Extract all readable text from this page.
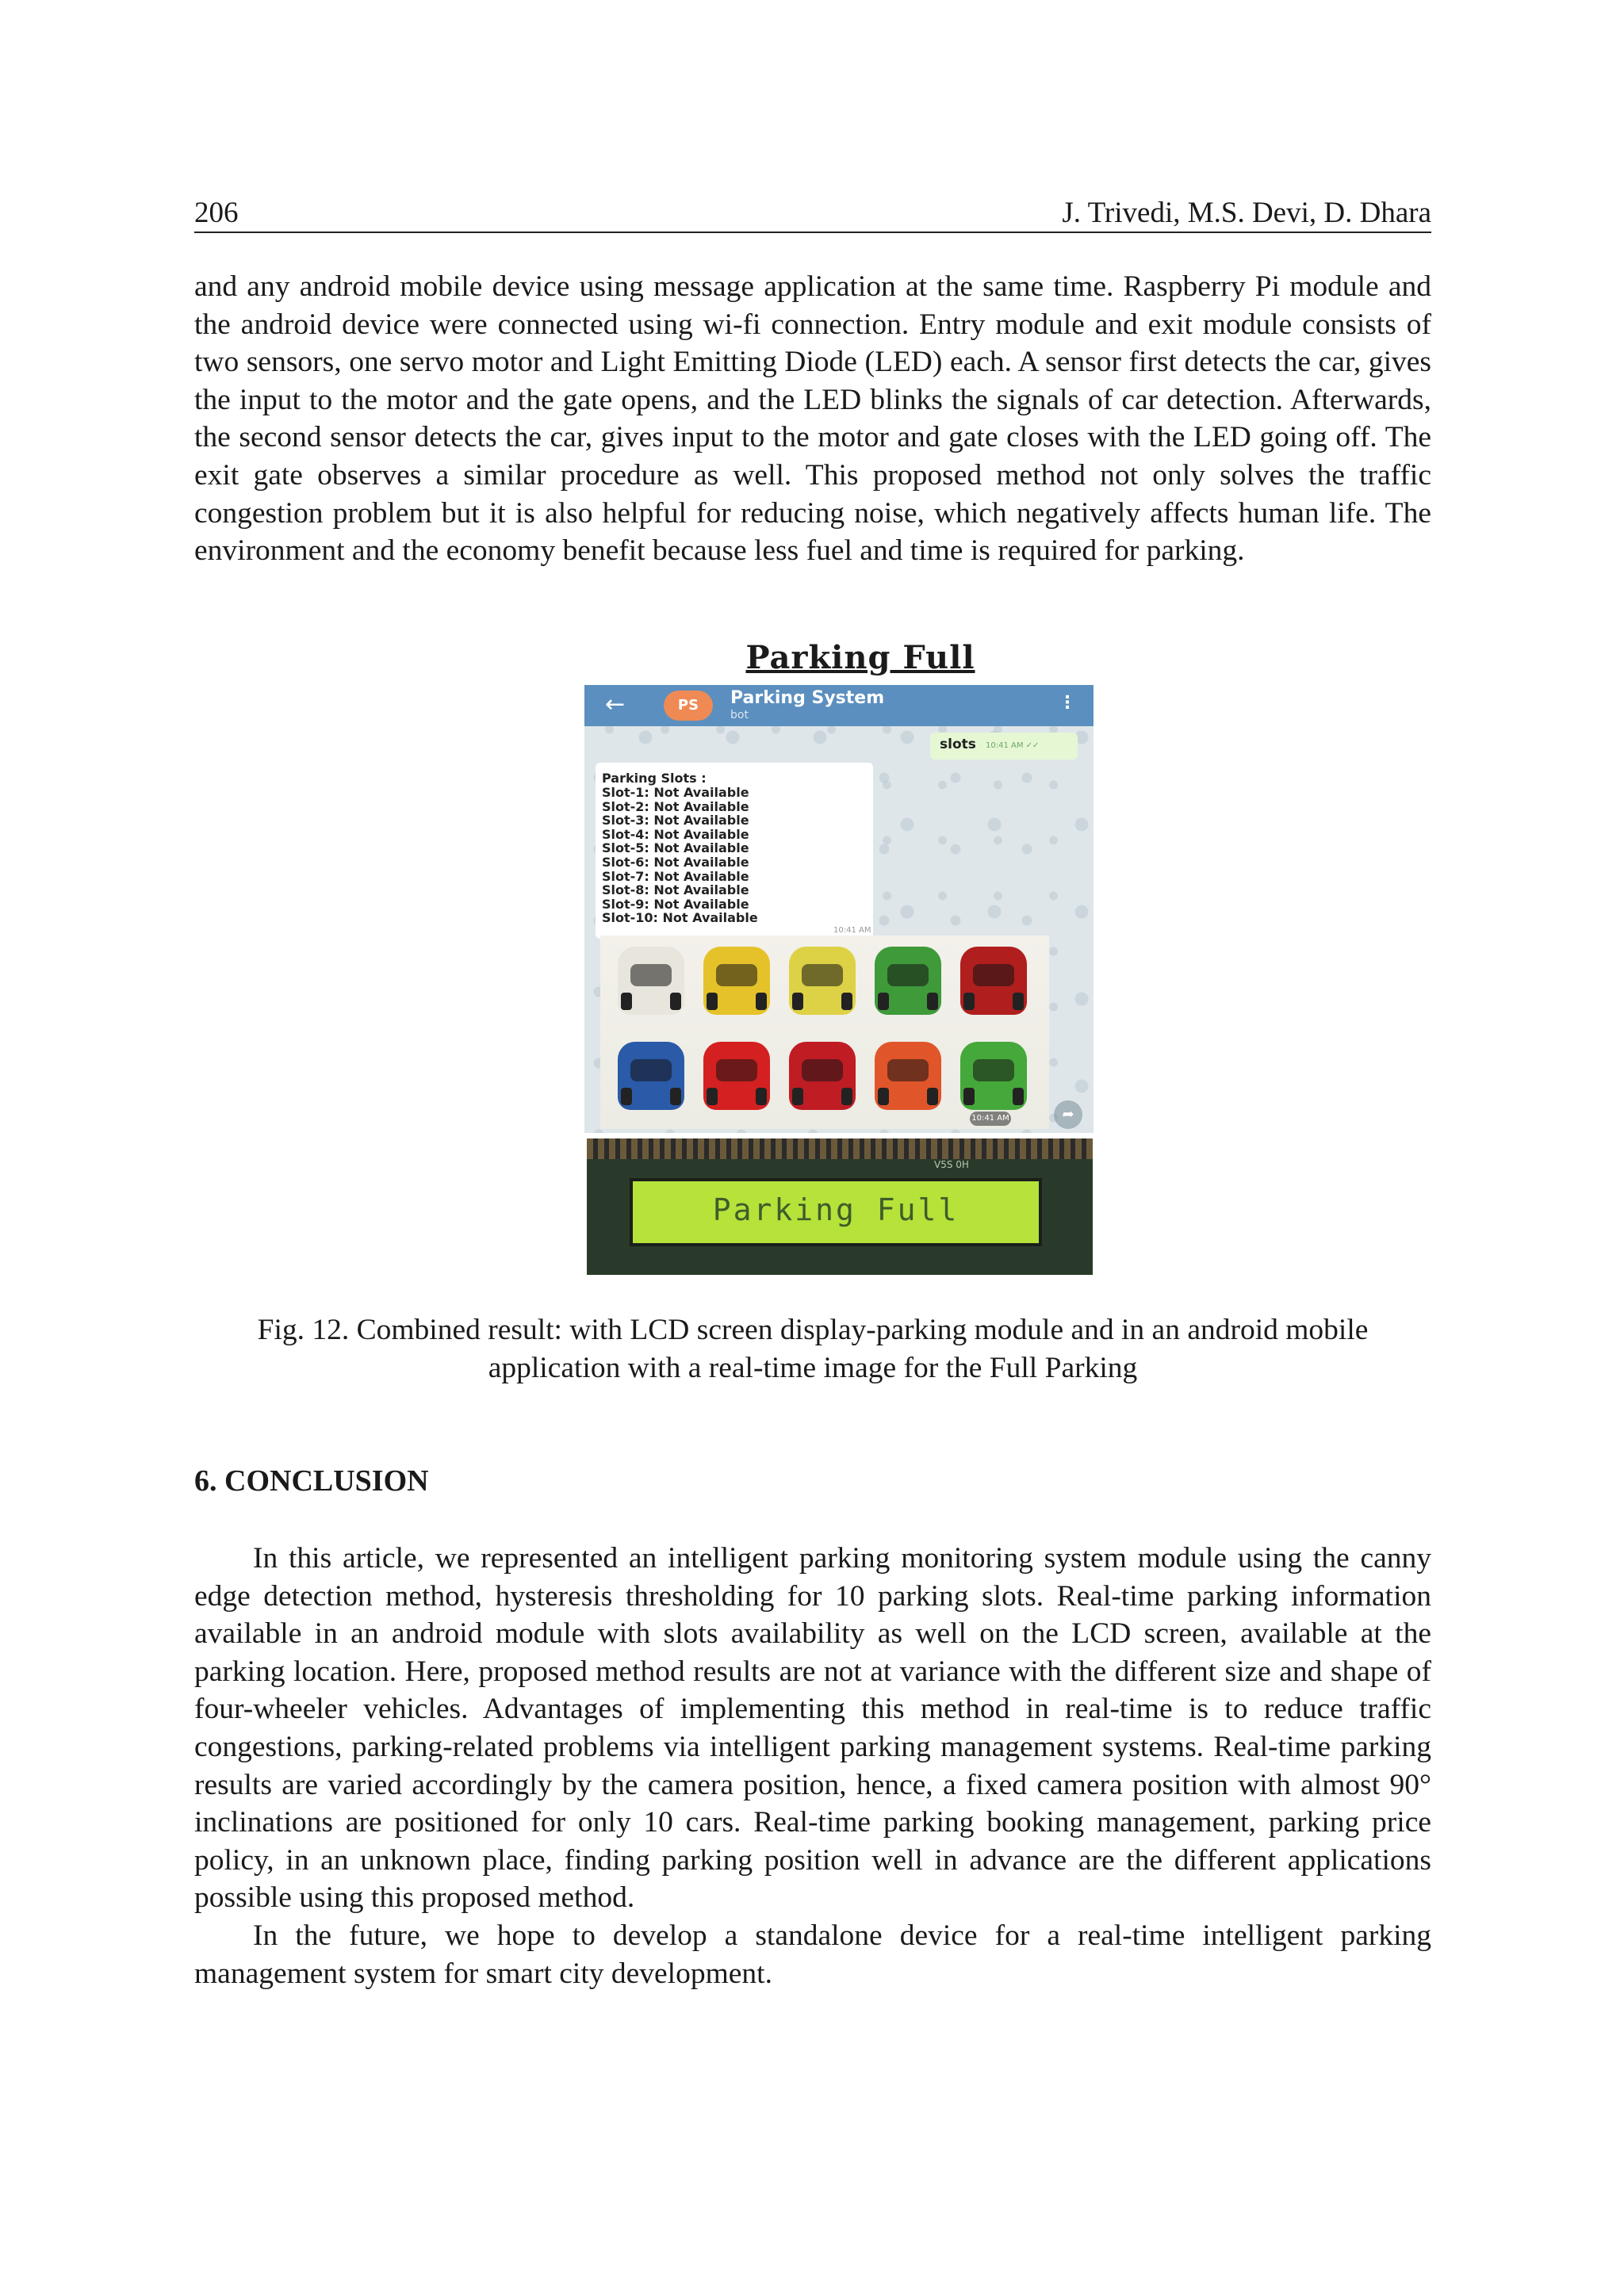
206	J. Trivedi, M.S. Devi, D. Dhara

and any android mobile device using message application at the same time. Raspberry Pi module and the android device were connected using wi-fi connection. Entry module and exit module consists of two sensors, one servo motor and Light Emitting Diode (LED) each. A sensor first detects the car, gives the input to the motor and the gate opens, and the LED blinks the signals of car detection. Afterwards, the second sensor detects the car, gives input to the motor and gate closes with the LED going off. The exit gate observes a similar procedure as well. This proposed method not only solves the traffic congestion problem but it is also helpful for reducing noise, which negatively affects human life. The environment and the economy benefit because less fuel and time is required for parking.

Parking Full
←	PS	Parking System
bot
⋮
slots 10:41 AM ✓✓
Parking Slots :
Slot-1: Not Available
Slot-2: Not Available
Slot-3: Not Available
Slot-4: Not Available
Slot-5: Not Available
Slot-6: Not Available
Slot-7: Not Available
Slot-8: Not Available
Slot-9: Not Available
Slot-10: Not Available
10:41 AM
10:41 AM	➦
V5S 0H
Parking Full

Fig. 12. Combined result: with LCD screen display-parking module and in an android mobile application with a real-time image for the Full Parking

6. CONCLUSION

In this article, we represented an intelligent parking monitoring system module using the canny edge detection method, hysteresis thresholding for 10 parking slots. Real-time parking information available in an android module with slots availability as well on the LCD screen, available at the parking location. Here, proposed method results are not at variance with the different size and shape of four-wheeler vehicles. Advantages of implementing this method in real-time is to reduce traffic congestions, parking-related problems via intelligent parking management systems. Real-time parking results are varied accordingly by the camera position, hence, a fixed camera position with almost 90° inclinations are positioned for only 10 cars. Real-time parking booking management, parking price policy, in an unknown place, finding parking position well in advance are the different applications possible using this proposed method.

In the future, we hope to develop a standalone device for a real-time intelligent parking management system for smart city development.
